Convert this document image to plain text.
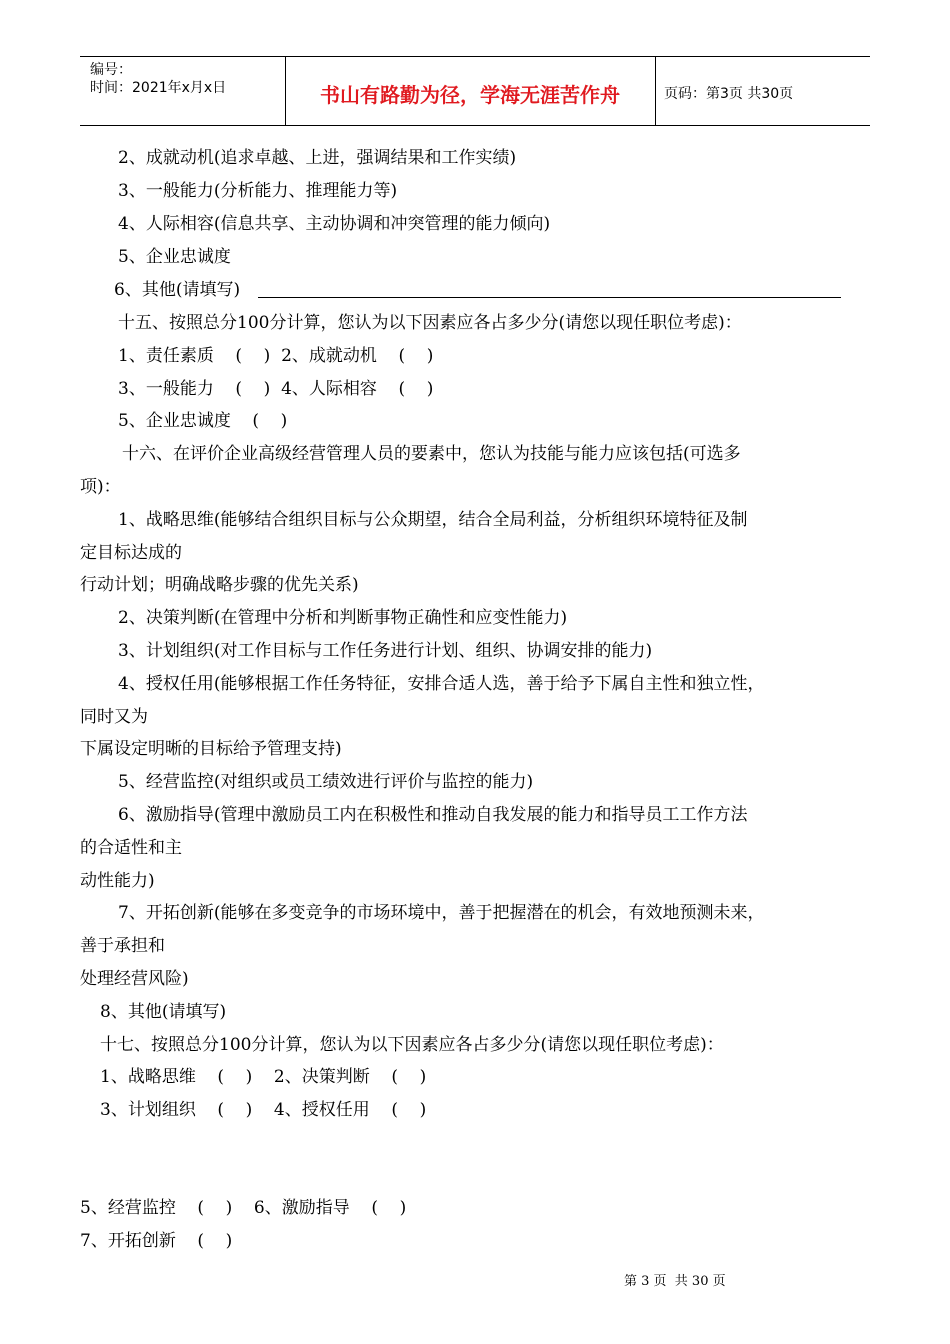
编号：
时间：2021年x月x日	书山有路勤为径，学海无涯苦作舟	页码：第3页 共30页
2、成就动机(追求卓越、上进，强调结果和工作实绩)
3、一般能力(分析能力、推理能力等)
4、人际相容(信息共享、主动协调和冲突管理的能力倾向)
5、企业忠诚度
6、其他(请填写)
十五、按照总分100分计算，您认为以下因素应各占多少分(请您以现任职位考虑)：
1、责任素质    (    )  2、成就动机    (    )
3、一般能力    (    )  4、人际相容    (    )
5、企业忠诚度    (    )
十六、在评价企业高级经营管理人员的要素中，您认为技能与能力应该包括(可选多
项)：
1、战略思维(能够结合组织目标与公众期望，结合全局利益，分析组织环境特征及制
定目标达成的
行动计划；明确战略步骤的优先关系)
2、决策判断(在管理中分析和判断事物正确性和应变性能力)
3、计划组织(对工作目标与工作任务进行计划、组织、协调安排的能力)
4、授权任用(能够根据工作任务特征，安排合适人选，善于给予下属自主性和独立性，
同时又为
下属设定明晰的目标给予管理支持)
5、经营监控(对组织或员工绩效进行评价与监控的能力)
6、激励指导(管理中激励员工内在积极性和推动自我发展的能力和指导员工工作方法
的合适性和主
动性能力)
7、开拓创新(能够在多变竞争的市场环境中，善于把握潜在的机会，有效地预测未来，
善于承担和
处理经营风险)
8、其他(请填写)
十七、按照总分100分计算，您认为以下因素应各占多少分(请您以现任职位考虑)：
1、战略思维    (    )    2、决策判断    (    )
3、计划组织    (    )    4、授权任用    (    )
5、经营监控    (    )    6、激励指导    (    )
7、开拓创新    (    )
第 3 页  共 30 页
